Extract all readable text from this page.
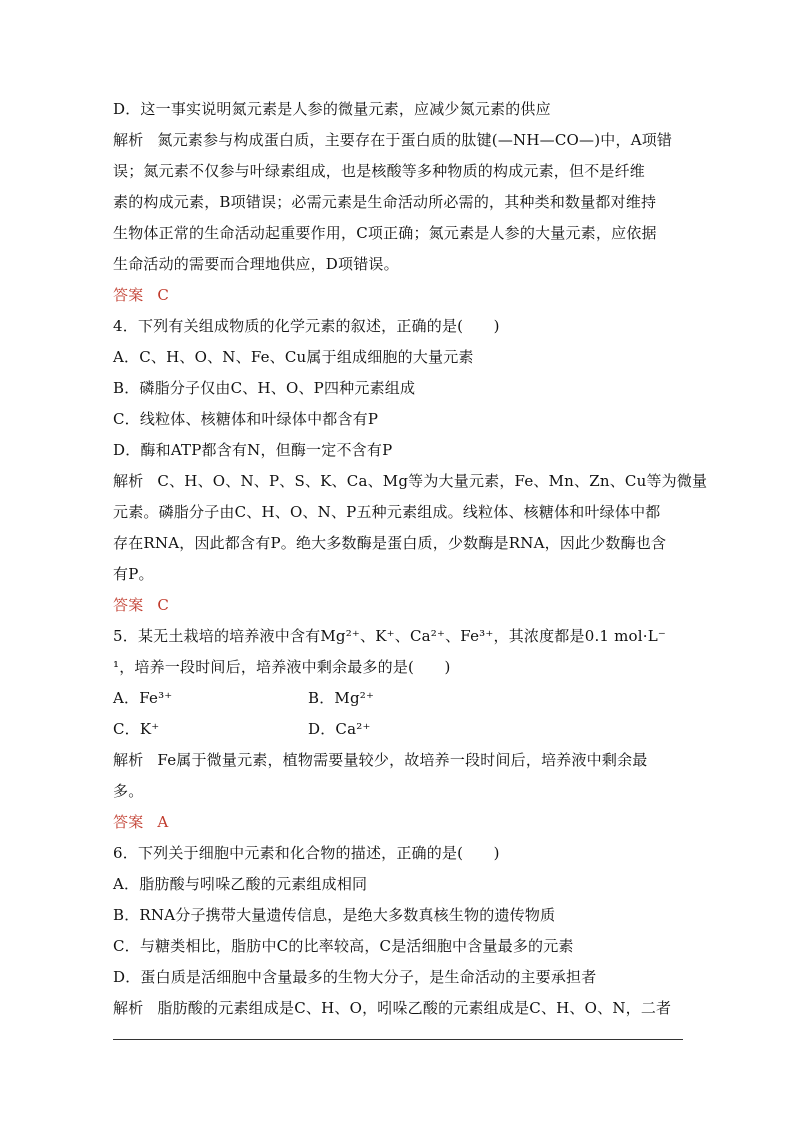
D．这一事实说明氮元素是人参的微量元素，应减少氮元素的供应
解析 氮元素参与构成蛋白质，主要存在于蛋白质的肽键(—NH—CO—)中，A项错
误；氮元素不仅参与叶绿素组成，也是核酸等多种物质的构成元素，但不是纤维
素的构成元素，B项错误；必需元素是生命活动所必需的，其种类和数量都对维持
生物体正常的生命活动起重要作用，C项正确；氮元素是人参的大量元素，应依据
生命活动的需要而合理地供应，D项错误。
答案 C
4．下列有关组成物质的化学元素的叙述，正确的是(　　)
A．C、H、O、N、Fe、Cu属于组成细胞的大量元素
B．磷脂分子仅由C、H、O、P四种元素组成
C．线粒体、核糖体和叶绿体中都含有P
D．酶和ATP都含有N，但酶一定不含有P
解析 C、H、O、N、P、S、K、Ca、Mg等为大量元素，Fe、Mn、Zn、Cu等为微量
元素。磷脂分子由C、H、O、N、P五种元素组成。线粒体、核糖体和叶绿体中都
存在RNA，因此都含有P。绝大多数酶是蛋白质，少数酶是RNA，因此少数酶也含
有P。
答案 C
5．某无土栽培的培养液中含有Mg²⁺、K⁺、Ca²⁺、Fe³⁺，其浓度都是0.1 mol·L⁻
¹，培养一段时间后，培养液中剩余最多的是(　　)
A．Fe³⁺	B．Mg²⁺
C．K⁺	D．Ca²⁺
解析 Fe属于微量元素，植物需要量较少，故培养一段时间后，培养液中剩余最
多。
答案 A
6．下列关于细胞中元素和化合物的描述，正确的是(　　)
A．脂肪酸与吲哚乙酸的元素组成相同
B．RNA分子携带大量遗传信息，是绝大多数真核生物的遗传物质
C．与糖类相比，脂肪中C的比率较高，C是活细胞中含量最多的元素
D．蛋白质是活细胞中含量最多的生物大分子，是生命活动的主要承担者
解析 脂肪酸的元素组成是C、H、O，吲哚乙酸的元素组成是C、H、O、N，二者
